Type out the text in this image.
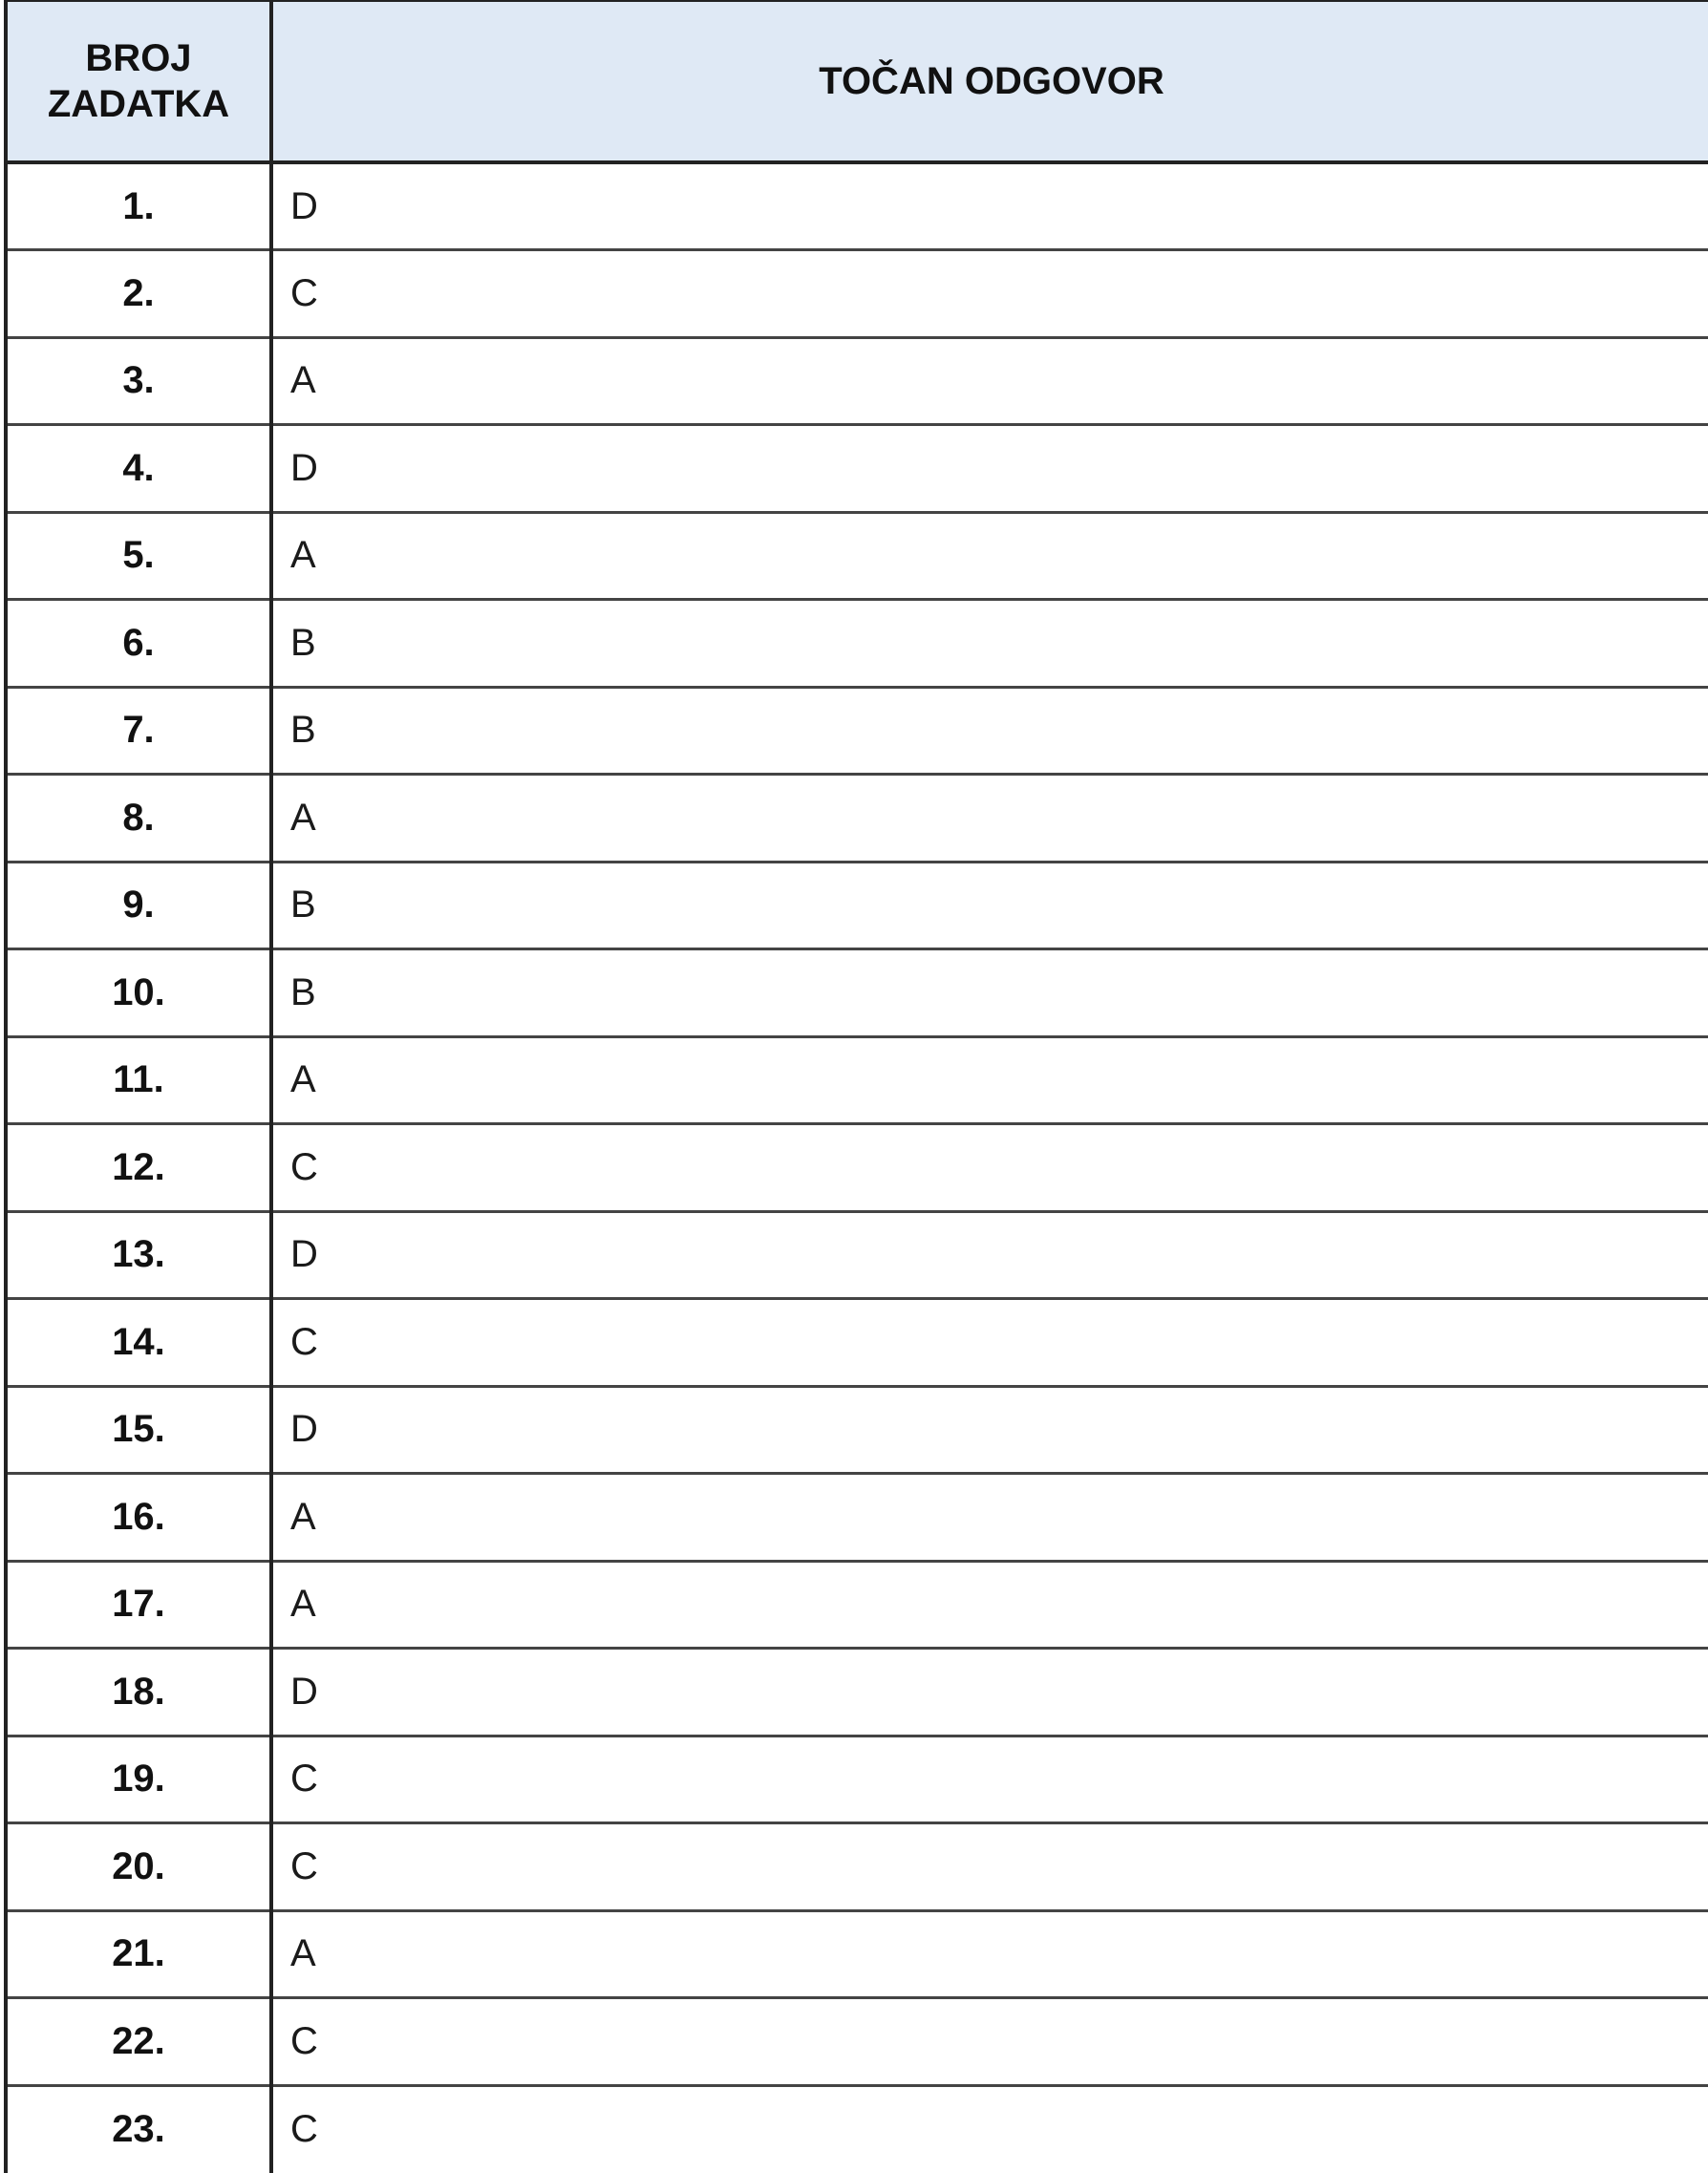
BROJ
ZADATKA	TOČAN ODGOVOR
1.	D
2.	C
3.	A
4.	D
5.	A
6.	B
7.	B
8.	A
9.	B
10.	B
11.	A
12.	C
13.	D
14.	C
15.	D
16.	A
17.	A
18.	D
19.	C
20.	C
21.	A
22.	C
23.	C
